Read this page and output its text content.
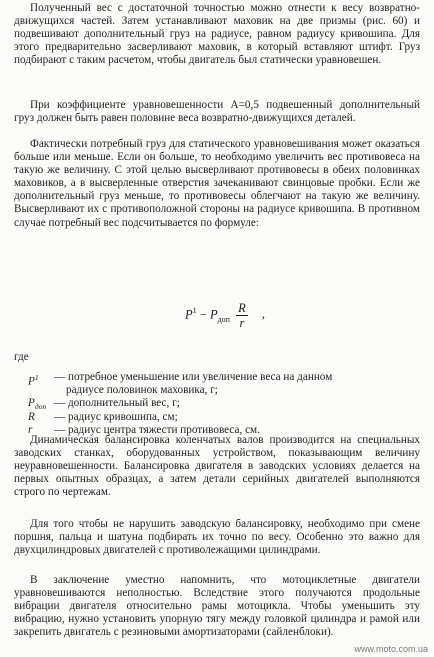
Полученный вес с достаточной точностью можно отнести к весу возвратно-движущихся частей. Затем устанавливают маховик на две призмы (рис. 60) и подвешивают дополнительный груз на радиусе, равном радиусу кривошипа. Для этого предварительно засверливают маховик, в который вставляют штифт. Груз подбирают с таким расчетом, чтобы двигатель был статически уравновешен.

При коэффициенте уравновешенности A=0,5 подвешенный дополнительный груз должен быть равен половине веса возвратно-движущихся деталей.

Фактически потребный груз для статического уравновешивания может оказаться больше или меньше. Если он больше, то необходимо увеличить вес противовеса на такую же величину. С этой целью высверливают противовесы в обеих половинках маховиков, а в высверленные отверстия зачеканивают свинцовые пробки. Если же дополнительный груз меньше, то противовесы облегчают на такую же величину. Высверливают их с противоположной стороны на радиусе кривошипа. В противном случае потребный вес подсчитывается по формуле:

$P^1 - P_{доп} \frac{R}{r}$ ,
где
$P^1$ — потребное уменьшение или увеличение веса на данном
радиусе половинок маховика, г;
$P_{доп}$ — дополнительный вес, г;
R — радиус кривошипа, см;
r — радиус центра тяжести противовеса, см.

Динамическая балансировка коленчатых валов производится на специальных заводских станках, оборудованных устройством, показывающим величину неуравновешенности. Балансировка двигателя в заводских условиях делается на первых опытных образцах, а затем детали серийных двигателей выполняются строго по чертежам.

Для того чтобы не нарушить заводскую балансировку, необходимо при смене поршня, пальца и шатуна подбирать их точно по весу. Особенно это важно для двухцилиндровых двигателей с противолежащими цилиндрами.

В заключение уместно напомнить, что мотоциклетные двигатели уравновешиваются неполностью. Вследствие этого получаются продольные вибрации двигателя относительно рамы мотоцикла. Чтобы уменьшить эту вибрацию, нужно установить упорную тягу между головкой цилиндра и рамой или закрепить двигатель с резиновыми амортизаторами (сайленблоки).

www.moto.com.ua
